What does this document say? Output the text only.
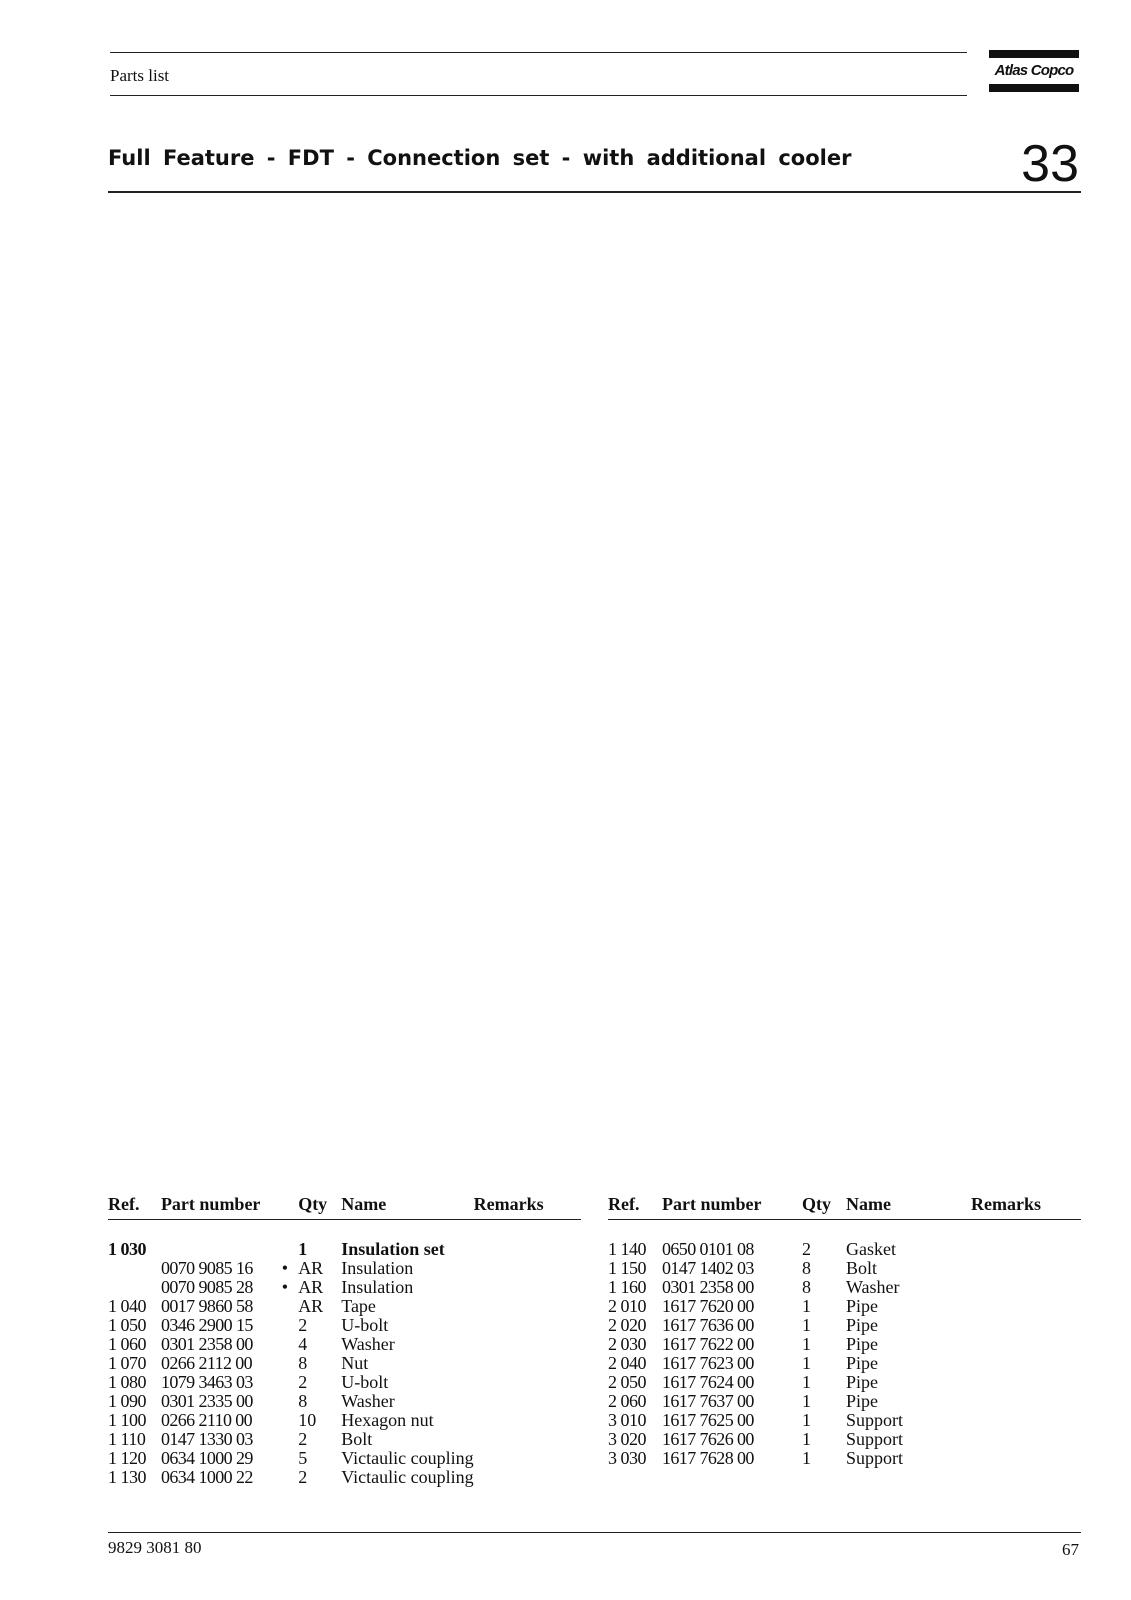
Parts list	Atlas Copco
Full Feature - FDT - Connection set - with additional cooler	33
Ref.	Part number		Qty	Name	Remarks

1 030			1	Insulation set	
	0070 9085 16	•	AR	Insulation	
	0070 9085 28	•	AR	Insulation	
1 040	0017 9860 58		AR	Tape	
1 050	0346 2900 15		2	U-bolt	
1 060	0301 2358 00		4	Washer	
1 070	0266 2112 00		8	Nut	
1 080	1079 3463 03		2	U-bolt	
1 090	0301 2335 00		8	Washer	
1 100	0266 2110 00		10	Hexagon nut	
1 110	0147 1330 03		2	Bolt	
1 120	0634 1000 29		5	Victaulic coupling	
1 130	0634 1000 22		2	Victaulic coupling	
Ref.	Part number		Qty	Name	Remarks

1 140	0650 0101 08		2	Gasket	
1 150	0147 1402 03		8	Bolt	
1 160	0301 2358 00		8	Washer	
2 010	1617 7620 00		1	Pipe	
2 020	1617 7636 00		1	Pipe	
2 030	1617 7622 00		1	Pipe	
2 040	1617 7623 00		1	Pipe	
2 050	1617 7624 00		1	Pipe	
2 060	1617 7637 00		1	Pipe	
3 010	1617 7625 00		1	Support	
3 020	1617 7626 00		1	Support	
3 030	1617 7628 00		1	Support	
9829 3081 80	67
